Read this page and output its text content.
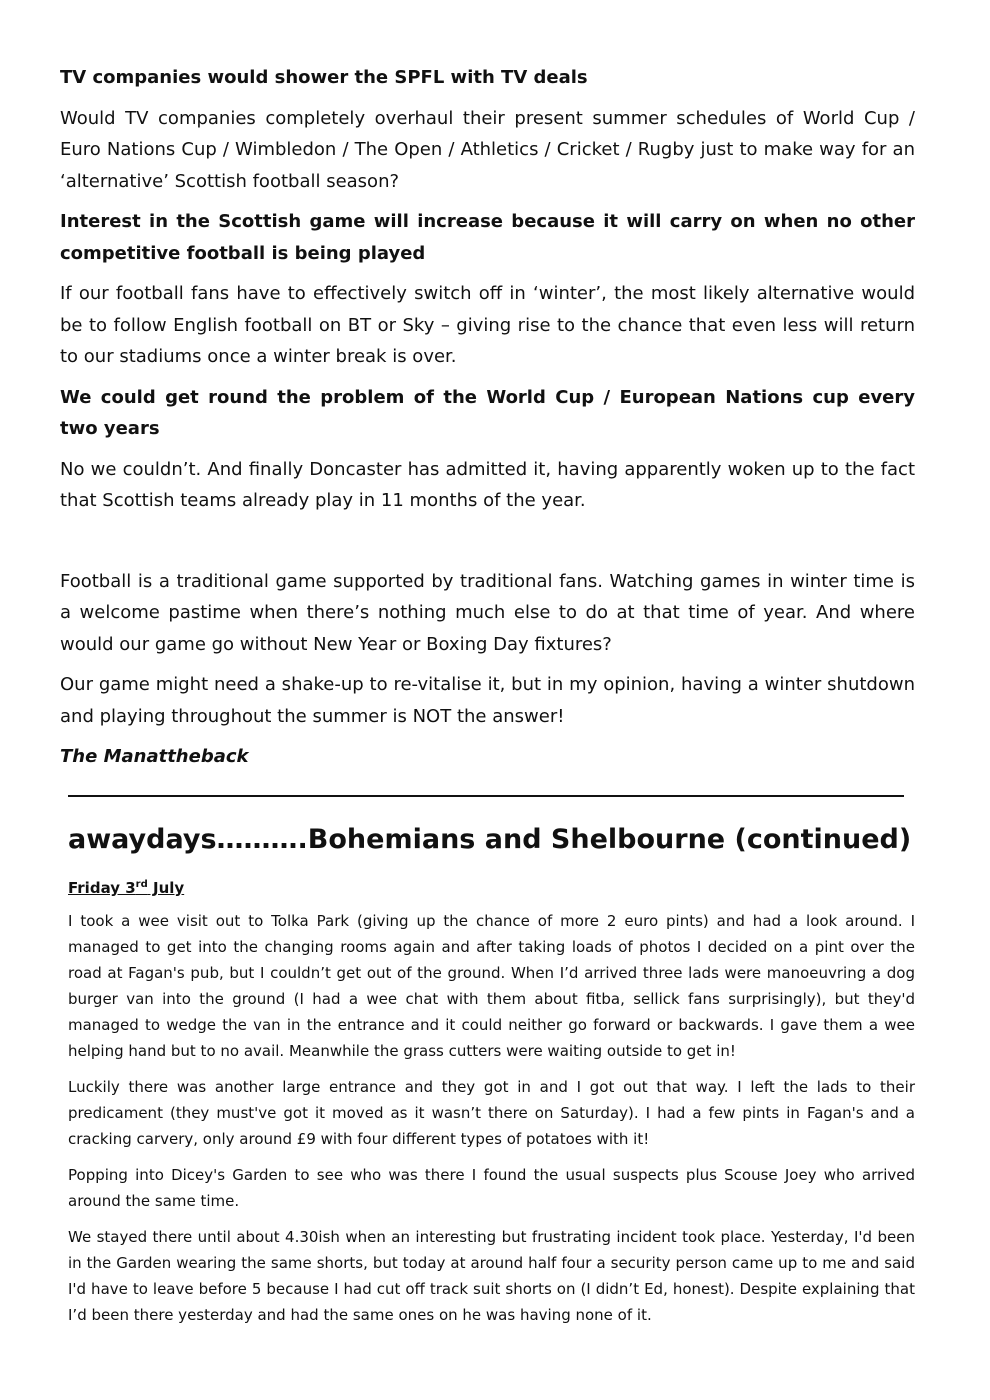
TV companies would shower the SPFL with TV deals

Would TV companies completely overhaul their present summer schedules of World Cup / Euro Nations Cup / Wimbledon / The Open / Athletics / Cricket / Rugby just to make way for an ‘alternative’ Scottish football season?

Interest in the Scottish game will increase because it will carry on when no other competitive football is being played

If our football fans have to effectively switch off in ‘winter’, the most likely alternative would be to follow English football on BT or Sky – giving rise to the chance that even less will return to our stadiums once a winter break is over.

We could get round the problem of the World Cup / European Nations cup every two years

No we couldn’t. And finally Doncaster has admitted it, having apparently woken up to the fact that Scottish teams already play in 11 months of the year.

Football is a traditional game supported by traditional fans. Watching games in winter time is a welcome pastime when there’s nothing much else to do at that time of year. And where would our game go without New Year or Boxing Day fixtures?

Our game might need a shake-up to re-vitalise it, but in my opinion, having a winter shutdown and playing throughout the summer is NOT the answer!

The Manattheback

awaydays……….Bohemians and Shelbourne (continued)
Friday 3rd July

I took a wee visit out to Tolka Park (giving up the chance of more 2 euro pints) and had a look around. I managed to get into the changing rooms again and after taking loads of photos I decided on a pint over the road at Fagan's pub, but I couldn’t get out of the ground. When I’d arrived three lads were manoeuvring a dog burger van into the ground (I had a wee chat with them about fitba, sellick fans surprisingly), but they'd managed to wedge the van in the entrance and it could neither go forward or backwards. I gave them a wee helping hand but to no avail. Meanwhile the grass cutters were waiting outside to get in!

Luckily there was another large entrance and they got in and I got out that way. I left the lads to their predicament (they must've got it moved as it wasn’t there on Saturday). I had a few pints in Fagan's and a cracking carvery, only around £9 with four different types of potatoes with it!

Popping into Dicey's Garden to see who was there I found the usual suspects plus Scouse Joey who arrived around the same time.

We stayed there until about 4.30ish when an interesting but frustrating incident took place. Yesterday, I'd been in the Garden wearing the same shorts, but today at around half four a security person came up to me and said I'd have to leave before 5 because I had cut off track suit shorts on (I didn’t Ed, honest). Despite explaining that I’d been there yesterday and had the same ones on he was having none of it.
